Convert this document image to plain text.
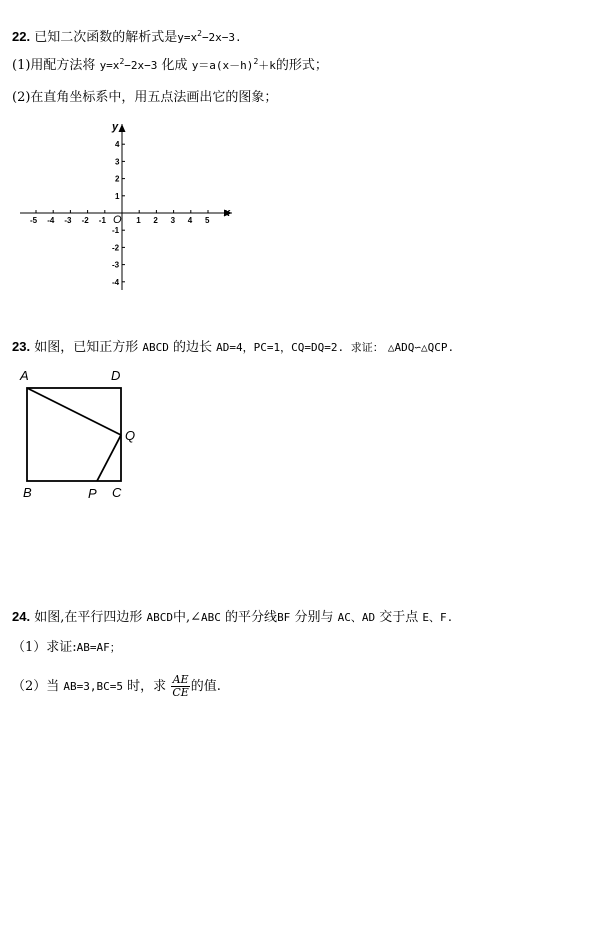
22. 已知二次函数的解析式是$y=x^2-2x-3$.
(1)用配方法将 $y=x^2-2x-3$ 化成 $y=a(x-h)^2+k$的形式；
(2)在直角坐标系中，用五点法画出它的图象；
y
x
O
-5 -4 -3 -2 -1	1 2 3 4 5
4
3
2
1
-1
-2
-3
-4
23. 如图，已知正方形 ABCD 的边长 AD=4，PC=1，CQ=DQ=2. 求证： △ADQ∽△QCP.
A	D
Q
B	P C
24. 如图,在平行四边形 ABCD中,∠ABC 的平分线BF 分别与 AC、AD 交于点 E、F.
（1）求证:AB=AF；
（2）当 AB=3,BC=5 时，求 $\frac{AE}{CE}$ 的值.
